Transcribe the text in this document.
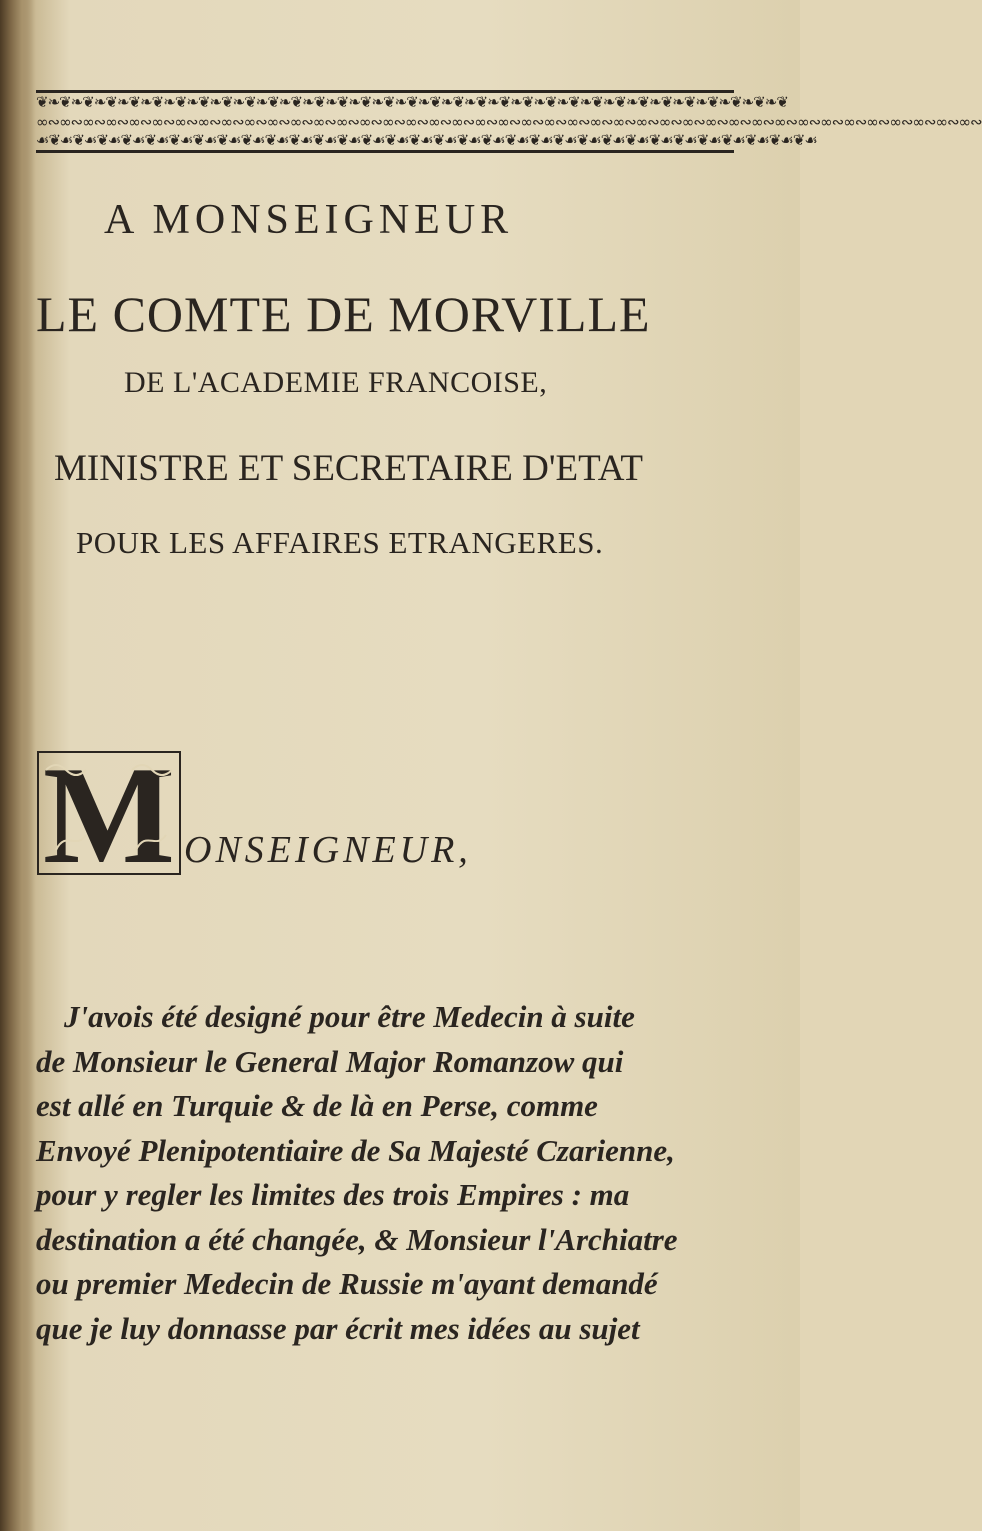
❦❧❦❧❦❧❦❧❦❧❦❧❦❧❦❧❦❧❦❧❦❧❦❧❦❧❦❧❦❧❦❧❦❧❦❧❦❧❦❧❦❧❦❧❦❧❦❧❦❧❦❧❦❧❦❧❦❧❦❧❦❧❦❧❦
∞∾∞∾∞∾∞∾∞∾∞∾∞∾∞∾∞∾∞∾∞∾∞∾∞∾∞∾∞∾∞∾∞∾∞∾∞∾∞∾∞∾∞∾∞∾∞∾∞∾∞∾∞∾∞∾∞∾∞∾∞∾∞∾∞∾∞∾∞∾∞∾∞∾∞∾∞∾∞∾∞∾
☙❦☙❦☙❦☙❦☙❦☙❦☙❦☙❦☙❦☙❦☙❦☙❦☙❦☙❦☙❦☙❦☙❦☙❦☙❦☙❦☙❦☙❦☙❦☙❦☙❦☙❦☙❦☙❦☙❦☙❦☙❦☙❦☙
A MONSEIGNEUR
LE COMTE DE MORVILLE
DE L'ACADEMIE FRANCOISE,
MINISTRE ET SECRETAIRE D'ETAT
POUR LES AFFAIRES ETRANGERES.
M ONSEIGNEUR,
J'avois été designé pour être Medecin à suite
de Monsieur le General Major Romanzow qui
est allé en Turquie & de là en Perse, comme
Envoyé Plenipotentiaire de Sa Majesté Czarienne,
pour y regler les limites des trois Empires : ma
destination a été changée, & Monsieur l'Archiatre
ou premier Medecin de Russie m'ayant demandé
que je luy donnasse par écrit mes idées au sujet
